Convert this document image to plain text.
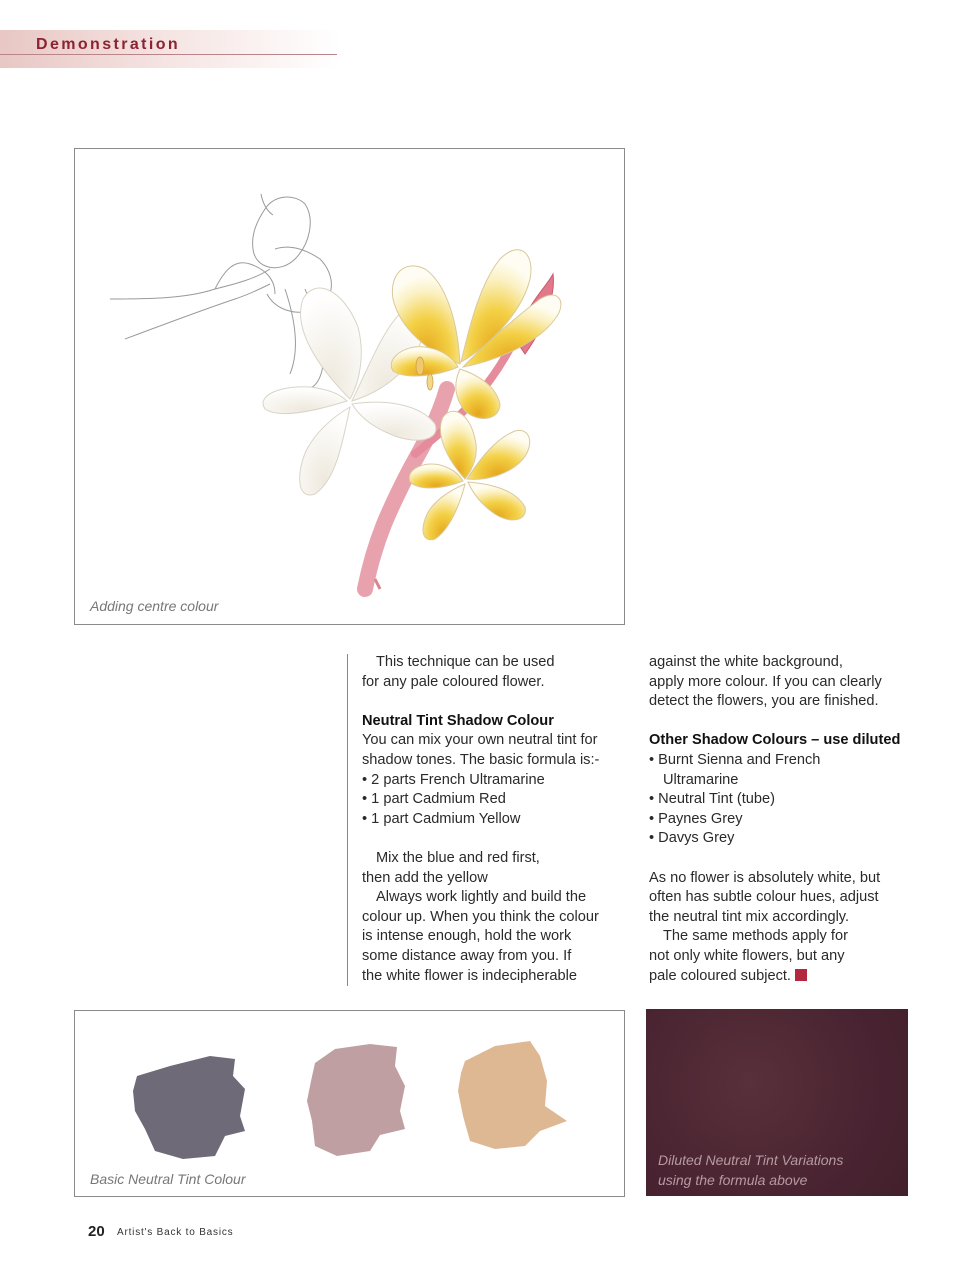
Demonstration
Adding centre colour

This technique can be used

for any pale coloured flower.

Neutral Tint Shadow Colour

You can mix your own neutral tint for

shadow tones. The basic formula is:-

• 2 parts French Ultramarine

• 1 part Cadmium Red

• 1 part Cadmium Yellow

Mix the blue and red first,

then add the yellow

Always work lightly and build the

colour up. When you think the colour

is intense enough, hold the work

some distance away from you. If

the white flower is indecipherable

against the white background,

apply more colour. If you can clearly

detect the flowers, you are finished.

Other Shadow Colours – use diluted

• Burnt Sienna and French

Ultramarine

• Neutral Tint (tube)

• Paynes Grey

• Davys Grey

As no flower is absolutely white, but

often has subtle colour hues, adjust

the neutral tint mix accordingly.

The same methods apply for

not only white flowers, but any

pale coloured subject.

Basic Neutral Tint Colour
Diluted Neutral Tint Variations
using the formula above
20 Artist's Back to Basics
